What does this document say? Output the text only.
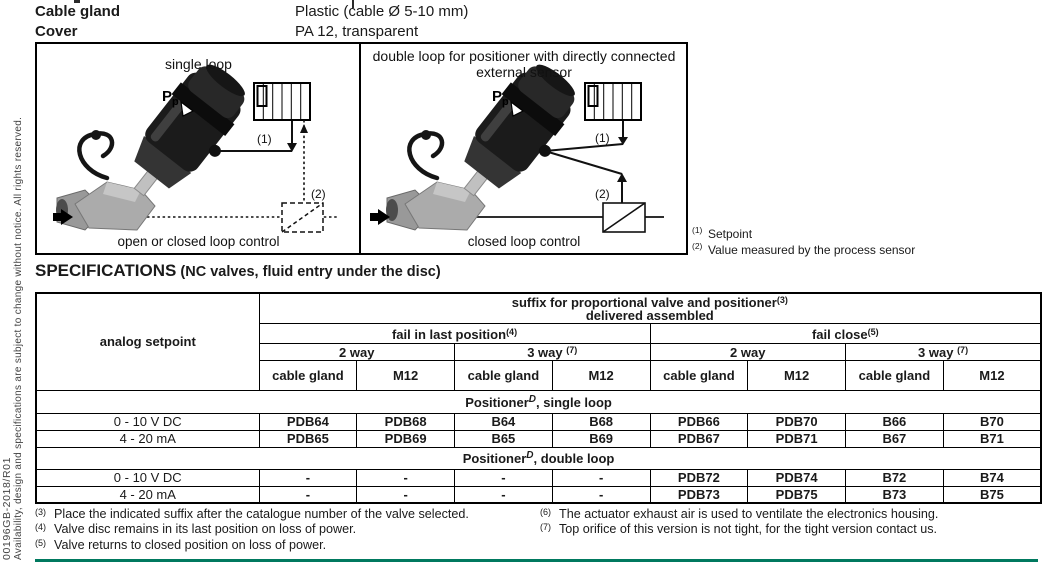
Cable gland	Plastic (cable Ø 5-10 mm)
Cover	PA 12, transparent
00196GB-2018/R01 Availability, design and specifications are subject to change without notice. All rights reserved.
single loop	double loop for positioner with directly connected external sensor
open or closed loop control	closed loop control
$P_p$	$P_p$
(1)
(2)
(1)
(2)
$^{(1)}$ Setpoint
$^{(2)}$ Value measured by the process sensor
SPECIFICATIONS (NC valves, fluid entry under the disc)
analog setpoint	suffix for proportional valve and positioner$^{(3)}$
delivered assembled							

	fail in last position$^{(4)}$				fail close$^{(5)}$
	2 way		3 way $^{(7)}$		2 way		3 way $^{(7)}$
	cable gland	M12	cable gland	M12	cable gland	M12	cable gland	M12
Positioner$^D$, single loop								
0 - 10 V DC	PDB64	PDB68	B64	B68	PDB66	PDB70	B66	B70
4 - 20 mA	PDB65	PDB69	B65	B69	PDB67	PDB71	B67	B71
Positioner$^D$, double loop								
0 - 10 V DC	-	-	-	-	PDB72	PDB74	B72	B74
4 - 20 mA	-	-	-	-	PDB73	PDB75	B73	B75
$^{(3)}$ Place the indicated suffix after the catalogue number of the valve selected.
$^{(4)}$ Valve disc remains in its last position on loss of power.
$^{(5)}$ Valve returns to closed position on loss of power.
$^{(6)}$ The actuator exhaust air is used to ventilate the electronics housing.
$^{(7)}$ Top orifice of this version is not tight, for the tight version contact us.
